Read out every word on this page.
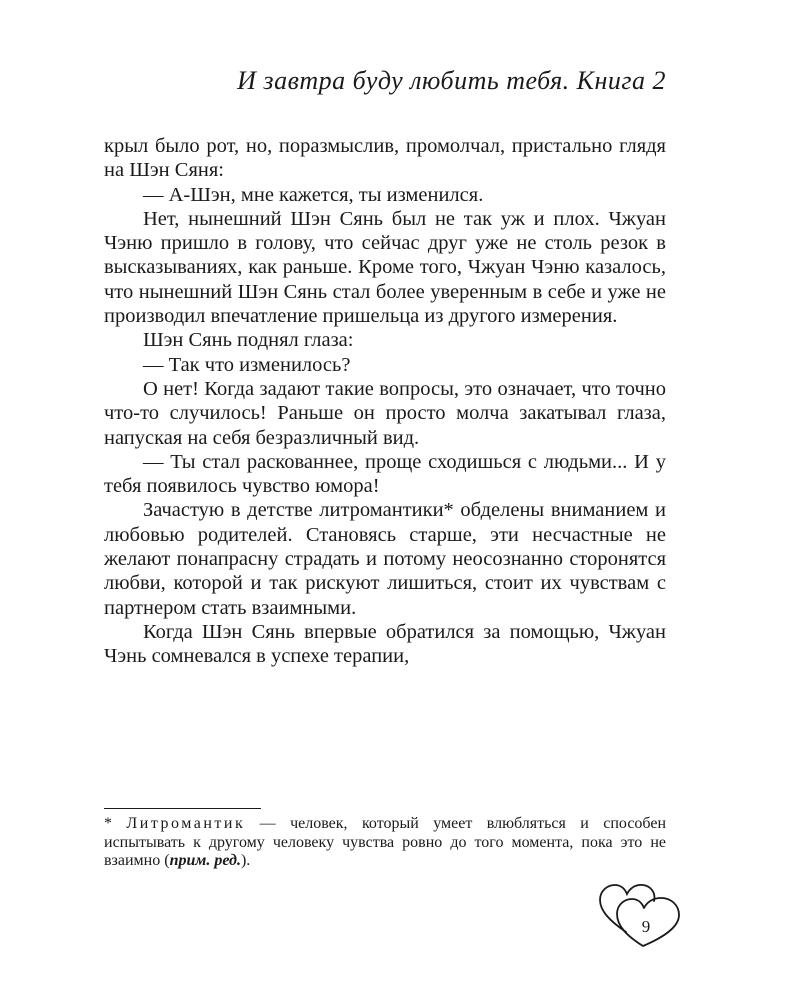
И завтра буду любить тебя. Книга 2

крыл было рот, но, поразмыслив, промолчал, пристально глядя на Шэн Сяня:

— А-Шэн, мне кажется, ты изменился.

Нет, нынешний Шэн Сянь был не так уж и плох. Чжуан Чэню пришло в голову, что сейчас друг уже не столь резок в высказываниях, как раньше. Кроме того, Чжуан Чэню казалось, что нынешний Шэн Сянь стал более уверенным в себе и уже не производил впечатление пришельца из другого измерения.

Шэн Сянь поднял глаза:

— Так что изменилось?

О нет! Когда задают такие вопросы, это означает, что точно что-то случилось! Раньше он просто молча закатывал глаза, напуская на себя безразличный вид.

— Ты стал раскованнее, проще сходишься с людьми... И у тебя появилось чувство юмора!

Зачастую в детстве литромантики* обделены вниманием и любовью родителей. Становясь старше, эти несчастные не желают понапрасну страдать и потому неосознанно сторонятся любви, которой и так рискуют лишиться, стоит их чувствам с партнером стать взаимными.

Когда Шэн Сянь впервые обратился за помощью, Чжуан Чэнь сомневался в успехе терапии,

* Литромантик — человек, который умеет влюбляться и способен испытывать к другому человеку чувства ровно до того момента, пока это не взаимно (прим. ред.).
9
